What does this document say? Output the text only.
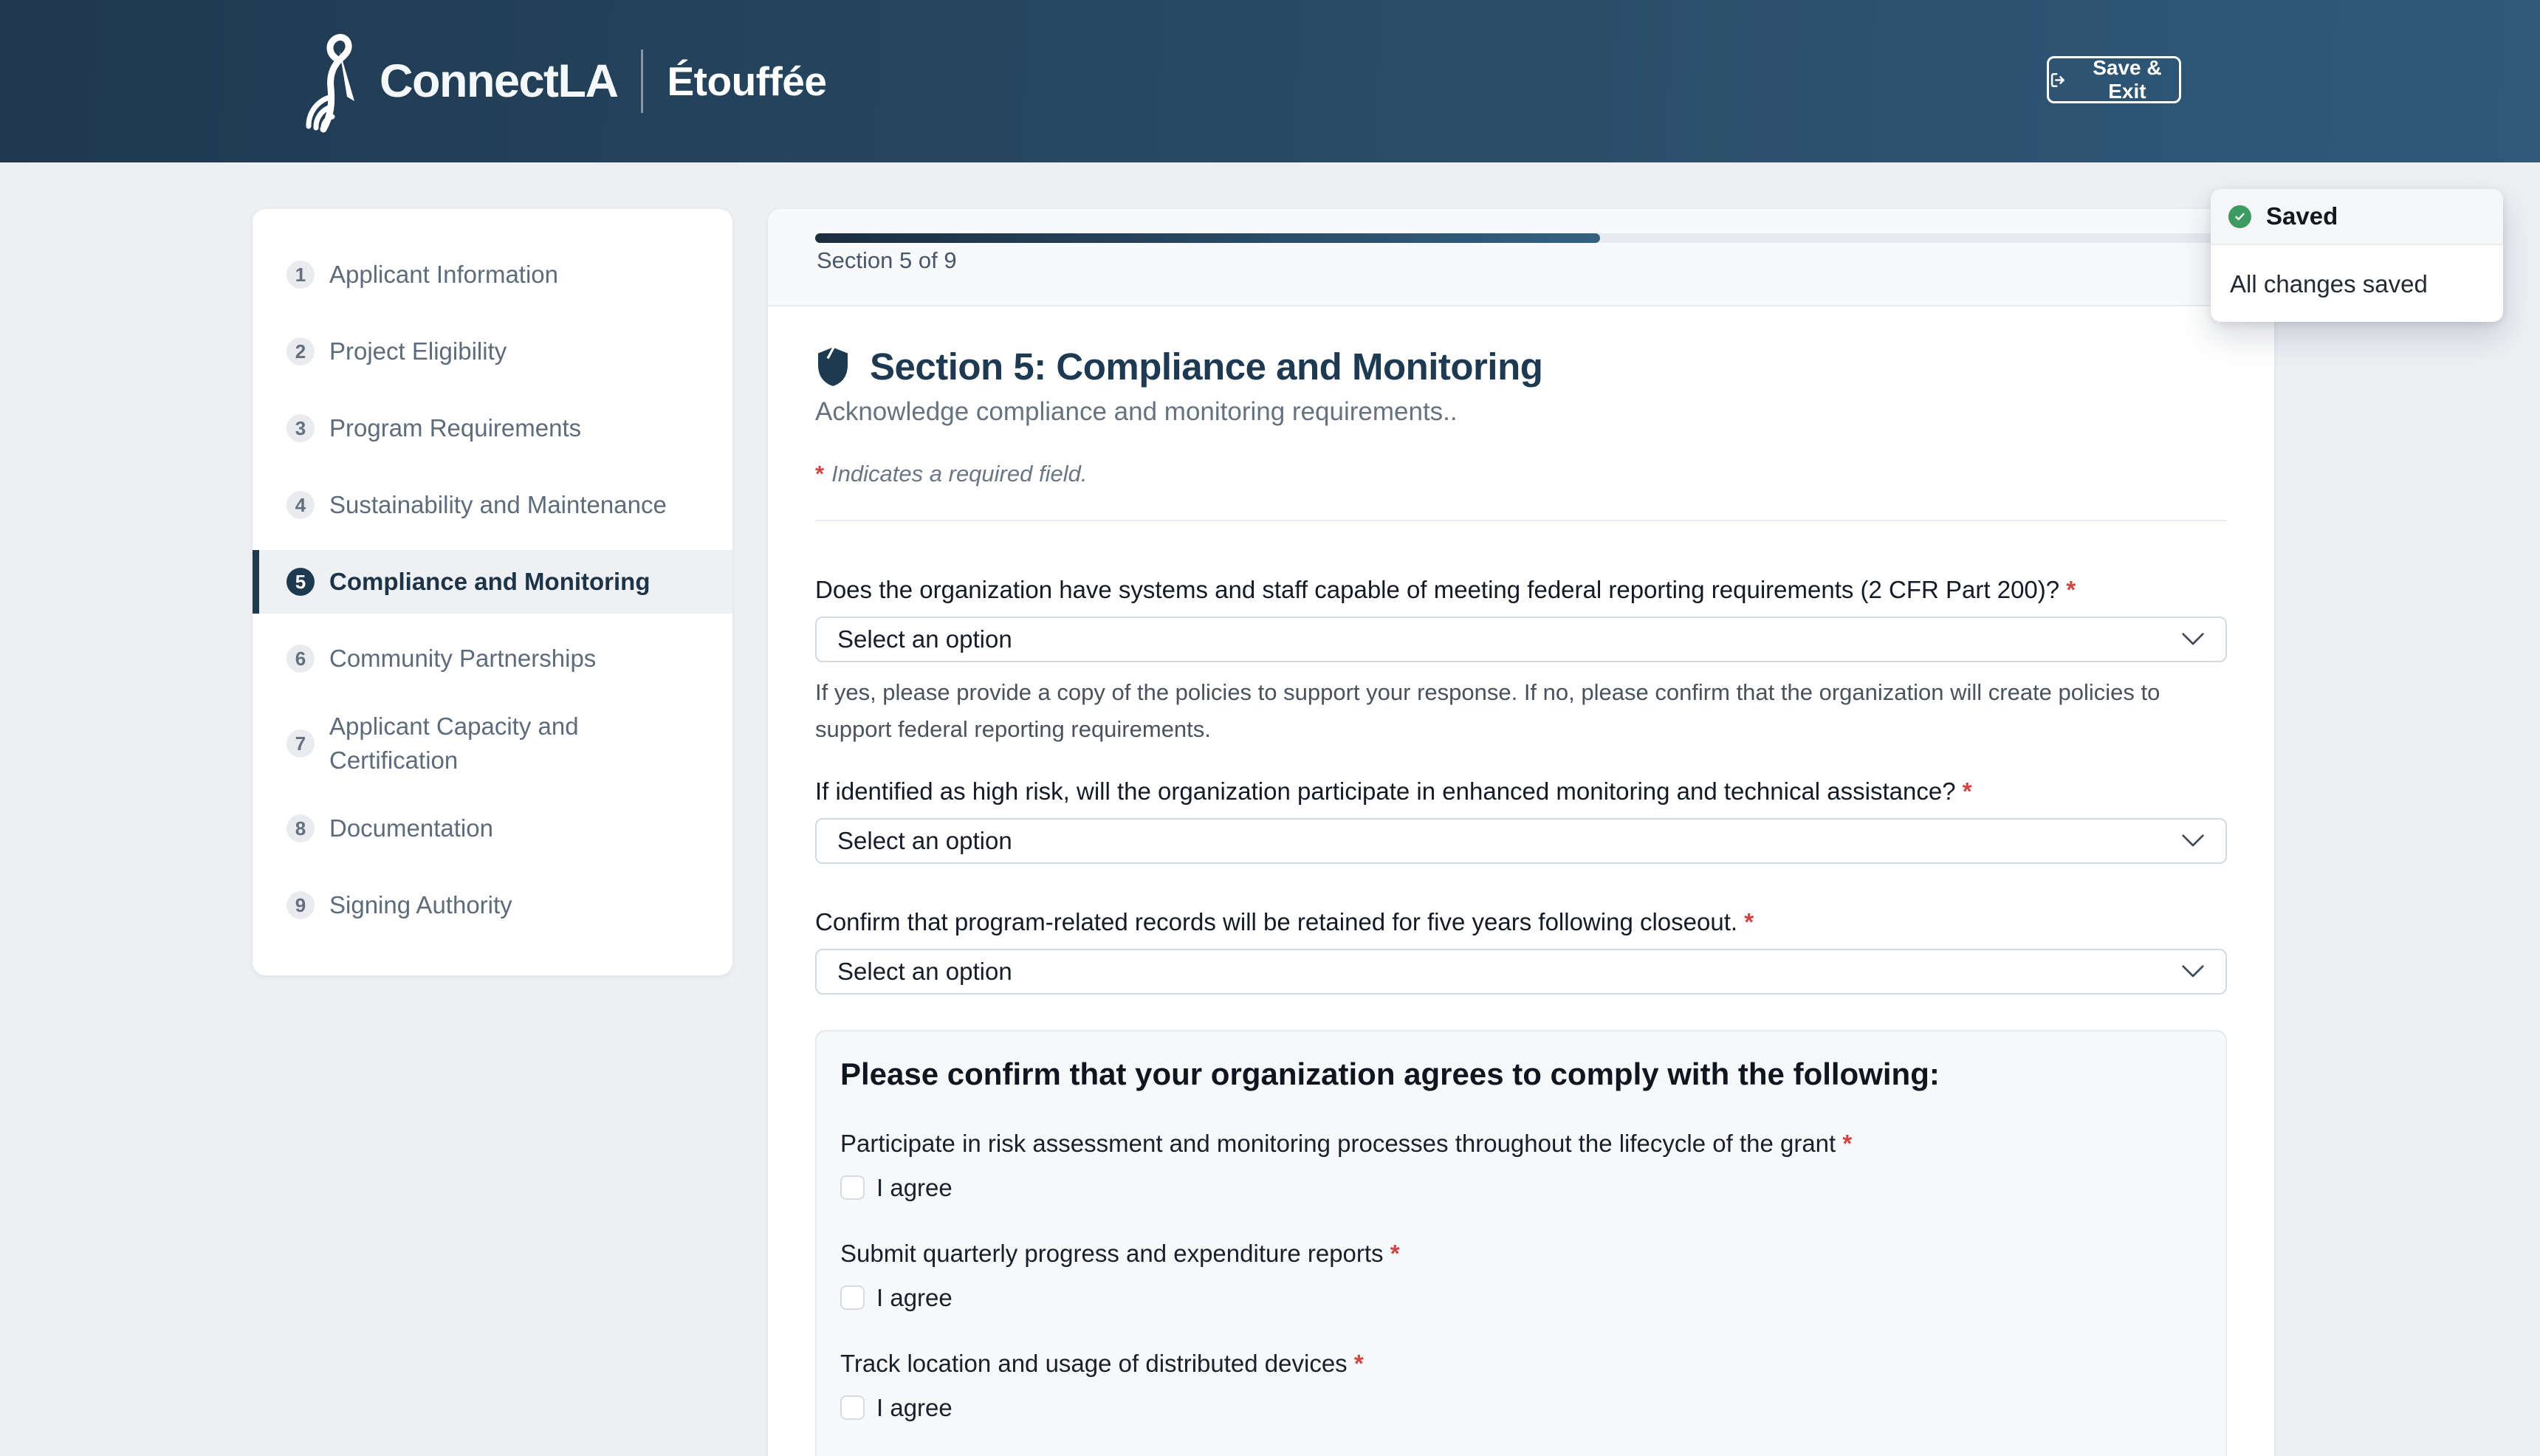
ConnectLA Étouffée	Save & Exit
Saved
All changes saved
1 Applicant Information
2 Project Eligibility
3 Program Requirements
4 Sustainability and Maintenance
5 Compliance and Monitoring
6 Community Partnerships
7
Applicant Capacity and Certification
8 Documentation
9 Signing Authority
Section 5 of 9
Section 5: Compliance and Monitoring
Acknowledge compliance and monitoring requirements..
* Indicates a required field.
Does the organization have systems and staff capable of meeting federal reporting requirements (2 CFR Part 200)? *
Select an option
If yes, please provide a copy of the policies to support your response. If no, please confirm that the organization will create policies to support federal reporting requirements.
If identified as high risk, will the organization participate in enhanced monitoring and technical assistance? *
Select an option
Confirm that program-related records will be retained for five years following closeout. *
Select an option
Please confirm that your organization agrees to comply with the following:
Participate in risk assessment and monitoring processes throughout the lifecycle of the grant *
I agree
Submit quarterly progress and expenditure reports *
I agree
Track location and usage of distributed devices *
I agree
